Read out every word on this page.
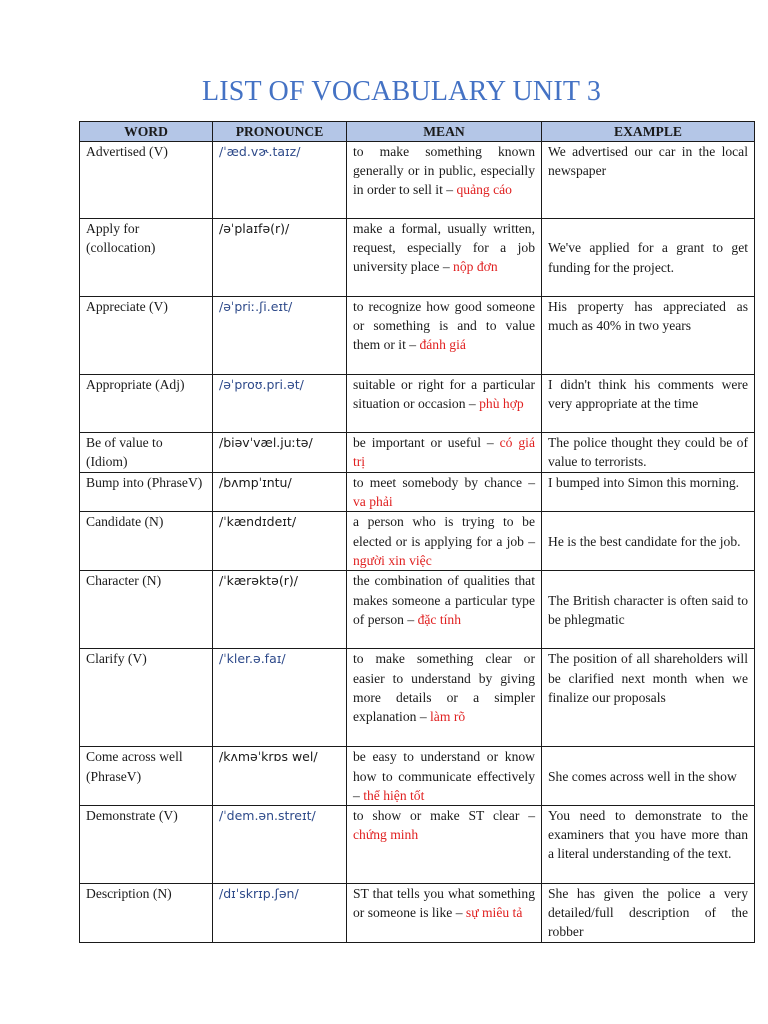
LIST OF VOCABULARY UNIT 3
WORD	PRONOUNCE	MEAN	EXAMPLE
Advertised (V)	/ˈæd.vɚ.taɪz/	to make something known generally or in public, especially in order to sell it – quảng cáo	We advertised our car in the local newspaper
Apply for (collocation)	/əˈplaɪfə(r)/	make a formal, usually written, request, especially for a job university place – nộp đơn	We've applied for a grant to get funding for the project.
Appreciate (V)	/əˈpriː.ʃi.eɪt/	to recognize how good someone or something is and to value them or it – đánh giá	His property has appreciated as much as 40% in two years
Appropriate (Adj)	/əˈproʊ.pri.ət/	suitable or right for a particular situation or occasion – phù hợp	I didn't think his comments were very appropriate at the time
Be of value to (Idiom)	/biəvˈvæl.juːtə/	be important or useful – có giá trị	The police thought they could be of value to terrorists.
Bump into (PhraseV)	/bʌmpˈɪntu/	to meet somebody by chance – va phải	I bumped into Simon this morning.
Candidate (N)	/ˈkændɪdeɪt/	a person who is trying to be elected or is applying for a job – người xin việc	He is the best candidate for the job.
Character (N)	/ˈkærəktə(r)/	the combination of qualities that makes someone a particular type of person – đặc tính	The British character is often said to be phlegmatic
Clarify (V)	/ˈkler.ə.faɪ/	to make something clear or easier to understand by giving more details or a simpler explanation – làm rõ	The position of all shareholders will be clarified next month when we finalize our proposals
Come across well (PhraseV)	/kʌməˈkrɒs wel/	be easy to understand or know how to communicate effectively – thể hiện tốt	She comes across well in the show
Demonstrate (V)	/ˈdem.ən.streɪt/	to show or make ST clear – chứng minh	You need to demonstrate to the examiners that you have more than a literal understanding of the text.
Description (N)	/dɪˈskrɪp.ʃən/	ST that tells you what something or someone is like – sự miêu tả	She has given the police a very detailed/full description of the robber
